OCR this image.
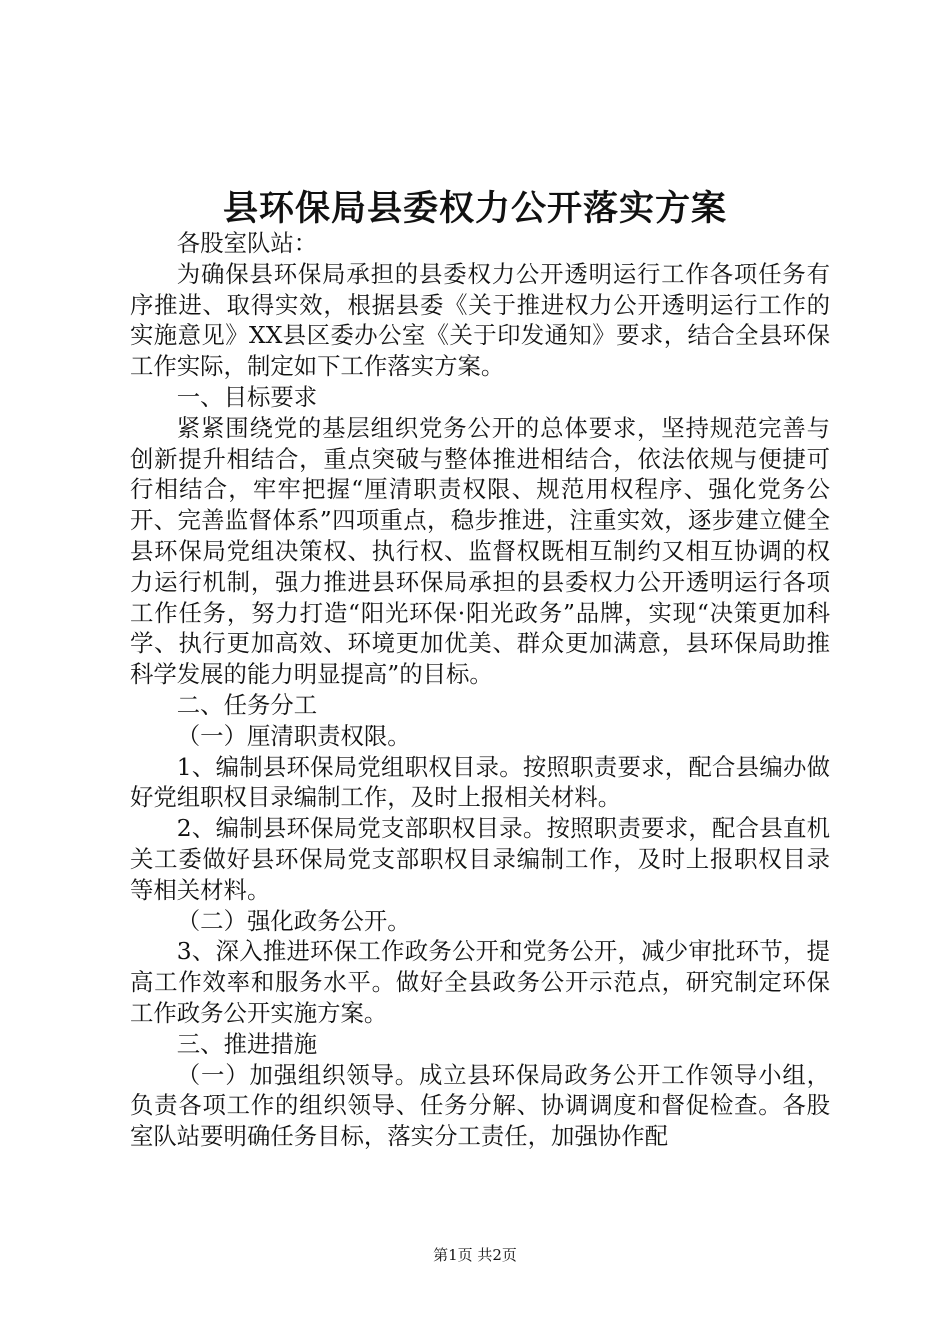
县环保局县委权力公开落实方案

各股室队站：

为确保县环保局承担的县委权力公开透明运行工作各项任务有序推进、取得实效，根据县委《关于推进权力公开透明运行工作的实施意见》XX县区委办公室《关于印发通知》要求，结合全县环保工作实际，制定如下工作落实方案。

一、目标要求

紧紧围绕党的基层组织党务公开的总体要求，坚持规范完善与创新提升相结合，重点突破与整体推进相结合，依法依规与便捷可行相结合，牢牢把握“厘清职责权限、规范用权程序、强化党务公开、完善监督体系”四项重点，稳步推进，注重实效，逐步建立健全县环保局党组决策权、执行权、监督权既相互制约又相互协调的权力运行机制，强力推进县环保局承担的县委权力公开透明运行各项工作任务，努力打造“阳光环保·阳光政务”品牌，实现“决策更加科学、执行更加高效、环境更加优美、群众更加满意，县环保局助推科学发展的能力明显提高”的目标。

二、任务分工

（一）厘清职责权限。

1、编制县环保局党组职权目录。按照职责要求，配合县编办做好党组职权目录编制工作，及时上报相关材料。

2、编制县环保局党支部职权目录。按照职责要求，配合县直机关工委做好县环保局党支部职权目录编制工作，及时上报职权目录等相关材料。

（二）强化政务公开。

3、深入推进环保工作政务公开和党务公开，减少审批环节，提高工作效率和服务水平。做好全县政务公开示范点，研究制定环保工作政务公开实施方案。

三、推进措施

（一）加强组织领导。成立县环保局政务公开工作领导小组，负责各项工作的组织领导、任务分解、协调调度和督促检查。各股室队站要明确任务目标，落实分工责任，加强协作配

第1页 共2页
